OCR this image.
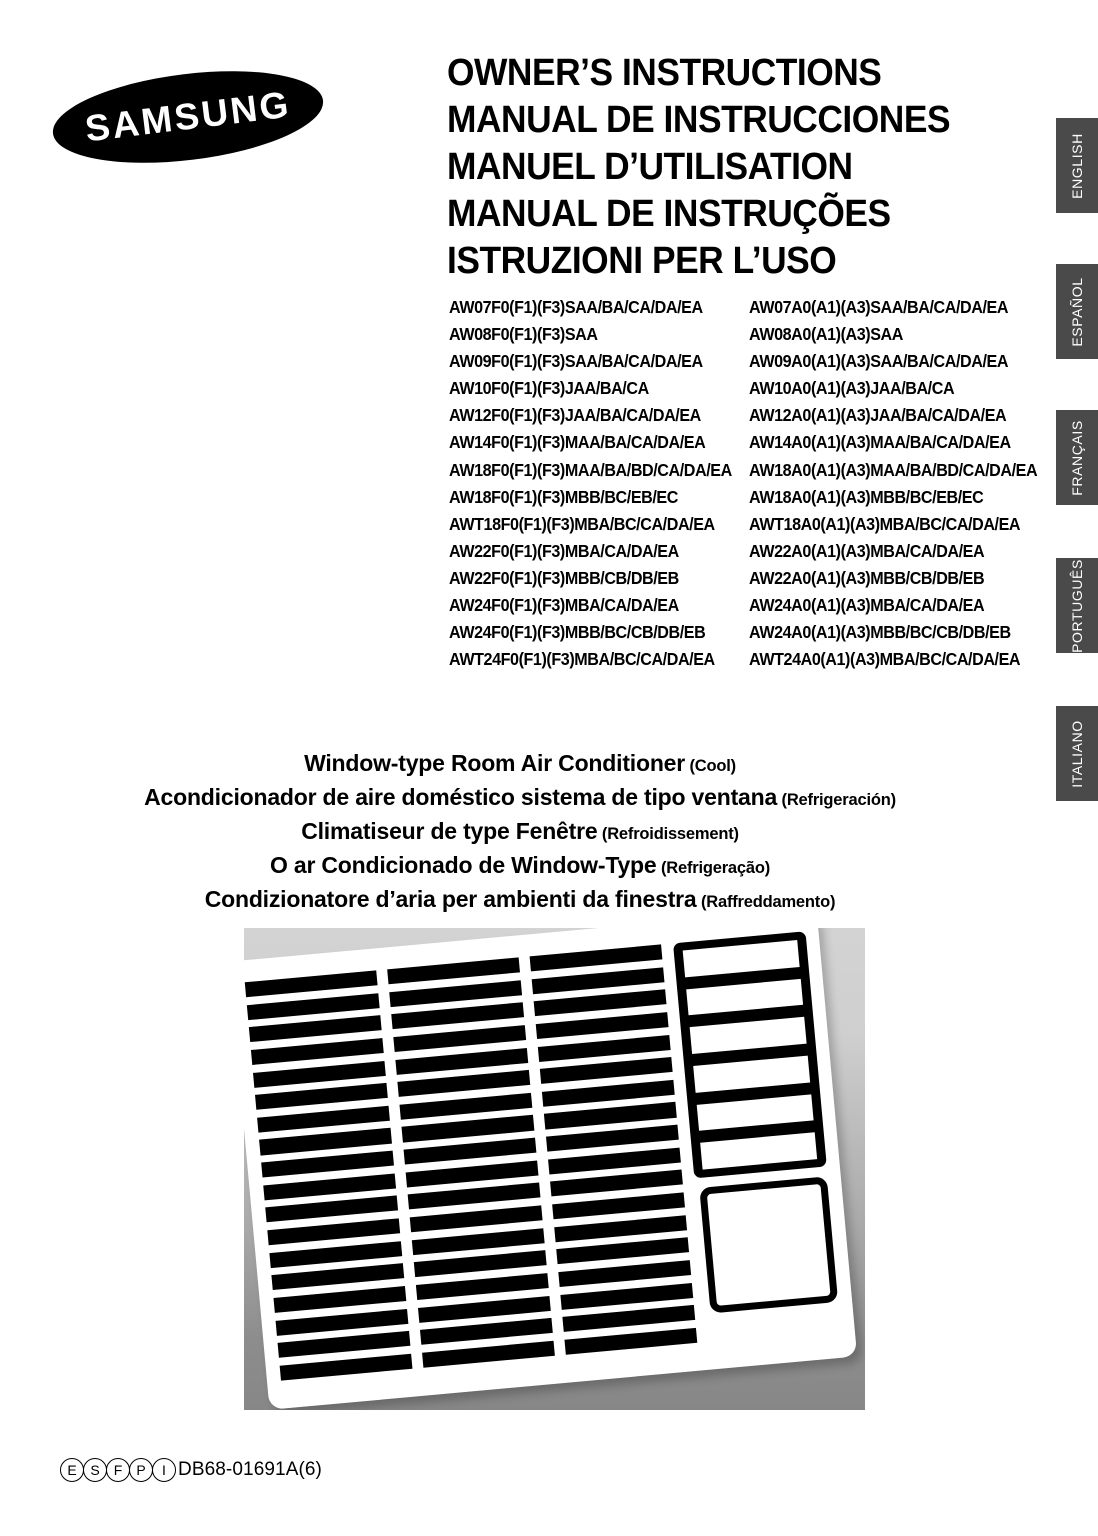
SAMSUNG
OWNER’S INSTRUCTIONS
MANUAL DE INSTRUCCIONES
MANUEL D’UTILISATION
MANUAL DE INSTRUÇÕES
ISTRUZIONI PER L’USO
AW07F0(F1)(F3)SAA/BA/CA/DA/EA	AW07A0(A1)(A3)SAA/BA/CA/DA/EA
AW08F0(F1)(F3)SAA	AW08A0(A1)(A3)SAA
AW09F0(F1)(F3)SAA/BA/CA/DA/EA	AW09A0(A1)(A3)SAA/BA/CA/DA/EA
AW10F0(F1)(F3)JAA/BA/CA	AW10A0(A1)(A3)JAA/BA/CA
AW12F0(F1)(F3)JAA/BA/CA/DA/EA	AW12A0(A1)(A3)JAA/BA/CA/DA/EA
AW14F0(F1)(F3)MAA/BA/CA/DA/EA	AW14A0(A1)(A3)MAA/BA/CA/DA/EA
AW18F0(F1)(F3)MAA/BA/BD/CA/DA/EA AW18A0(A1)(A3)MAA/BA/BD/CA/DA/EA
AW18F0(F1)(F3)MBB/BC/EB/EC	AW18A0(A1)(A3)MBB/BC/EB/EC
AWT18F0(F1)(F3)MBA/BC/CA/DA/EA	AWT18A0(A1)(A3)MBA/BC/CA/DA/EA
AW22F0(F1)(F3)MBA/CA/DA/EA	AW22A0(A1)(A3)MBA/CA/DA/EA
AW22F0(F1)(F3)MBB/CB/DB/EB	AW22A0(A1)(A3)MBB/CB/DB/EB
AW24F0(F1)(F3)MBA/CA/DA/EA	AW24A0(A1)(A3)MBA/CA/DA/EA
AW24F0(F1)(F3)MBB/BC/CB/DB/EB	AW24A0(A1)(A3)MBB/BC/CB/DB/EB
AWT24F0(F1)(F3)MBA/BC/CA/DA/EA	AWT24A0(A1)(A3)MBA/BC/CA/DA/EA
Window-type Room Air Conditioner (Cool)
Acondicionador de aire doméstico sistema de tipo ventana (Refrigeración)
Climatiseur de type Fenêtre (Refroidissement)
O ar Condicionado de Window-Type (Refrigeração)
Condizionatore d’aria per ambienti da finestra (Raffreddamento)
ENGLISH
ESPAÑOL
FRANÇAIS
PORTUGUÊS
ITALIANO
E S	F	P	I DB68-01691A(6)
